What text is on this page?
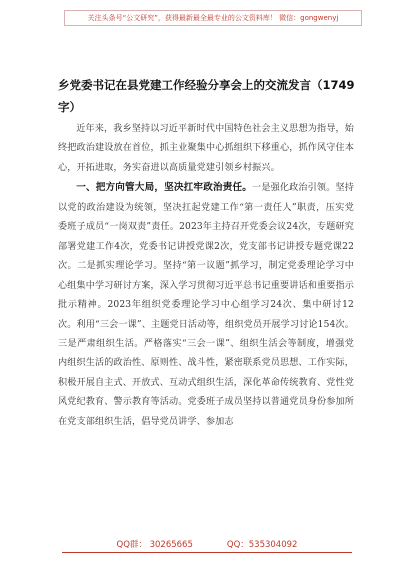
关注头条号“公文研究”，获得最新最全最专业的公文资料库！ 微信：gongwenyj
乡党委书记在县党建工作经验分享会上的交流发言（1749字）

近年来，我乡坚持以习近平新时代中国特色社会主义思想为指导，始终把政治建设放在首位，抓主业聚集中心抓组织下移重心，抓作风守住本心，开拓进取，务实奋进以高质量党建引领乡村振兴。

一、把方向管大局，坚决扛牢政治责任。一是强化政治引领。坚持以党的政治建设为统领，坚决扛起党建工作“第一责任人”职责，压实党委班子成员“一岗双责”责任。2023年主持召开党委会议24次，专题研究部署党建工作4次，党委书记讲授党课2次，党支部书记讲授专题党课22次。二是抓实理论学习。坚持“第一议题”抓学习，制定党委理论学习中心组集中学习研讨方案，深入学习贯彻习近平总书记重要讲话和重要指示批示精神。2023年组织党委理论学习中心组学习24次、集中研讨12次。利用“三会一课”、主题党日活动等，组织党员开展学习讨论154次。三是严肃组织生活。严格落实“三会一课”、组织生活会等制度，增强党内组织生活的政治性、原则性、战斗性，紧密联系党员思想、工作实际，积极开展自主式、开放式、互动式组织生活，深化革命传统教育、党性党风党纪教育、警示教育等活动。党委班子成员坚持以普通党员身份参加所在党支部组织生活，倡导党员讲学、参加志

QQ群： 30265665	QQ：535304092
